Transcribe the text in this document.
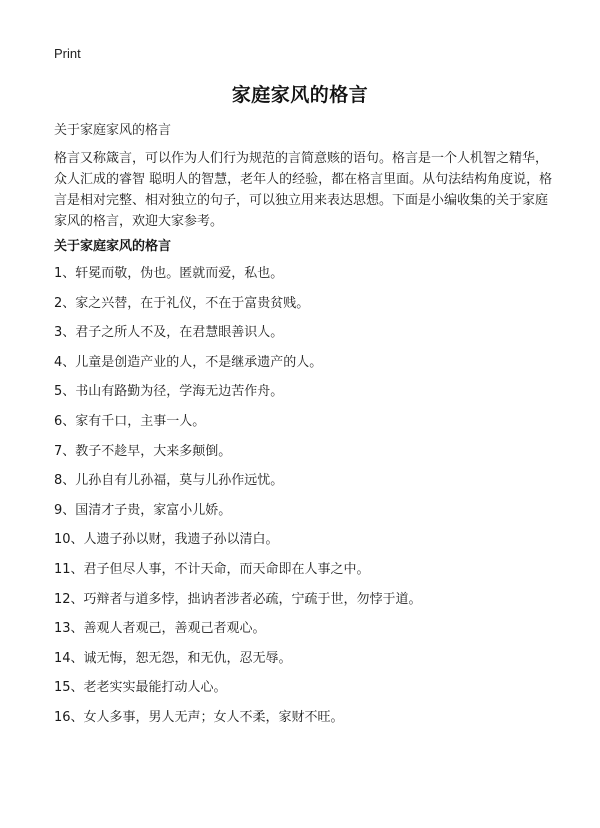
Print
家庭家风的格言

关于家庭家风的格言

格言又称箴言，可以作为人们行为规范的言简意赅的语句。格言是一个人机智之精华，众人汇成的睿智 聪明人的智慧，老年人的经验，都在格言里面。从句法结构角度说，格言是相对完整、相对独立的句子，可以独立用来表达思想。下面是小编收集的关于家庭家风的格言，欢迎大家参考。

关于家庭家风的格言
1、轩冕而敬，伪也。匿就而爱，私也。
2、家之兴替，在于礼仪，不在于富贵贫贱。
3、君子之所人不及，在君慧眼善识人。
4、儿童是创造产业的人，不是继承遗产的人。
5、书山有路勤为径，学海无边苦作舟。
6、家有千口，主事一人。
7、教子不趁早，大来多颠倒。
8、儿孙自有儿孙福，莫与儿孙作远忧。
9、国清才子贵，家富小儿娇。
10、人遗子孙以财，我遗子孙以清白。
11、君子但尽人事，不计天命，而天命即在人事之中。
12、巧辩者与道多悖，拙讷者涉者必疏，宁疏于世，勿悖于道。
13、善观人者观己，善观己者观心。
14、诚无悔，恕无怨，和无仇，忍无辱。
15、老老实实最能打动人心。
16、女人多事，男人无声；女人不柔，家财不旺。
